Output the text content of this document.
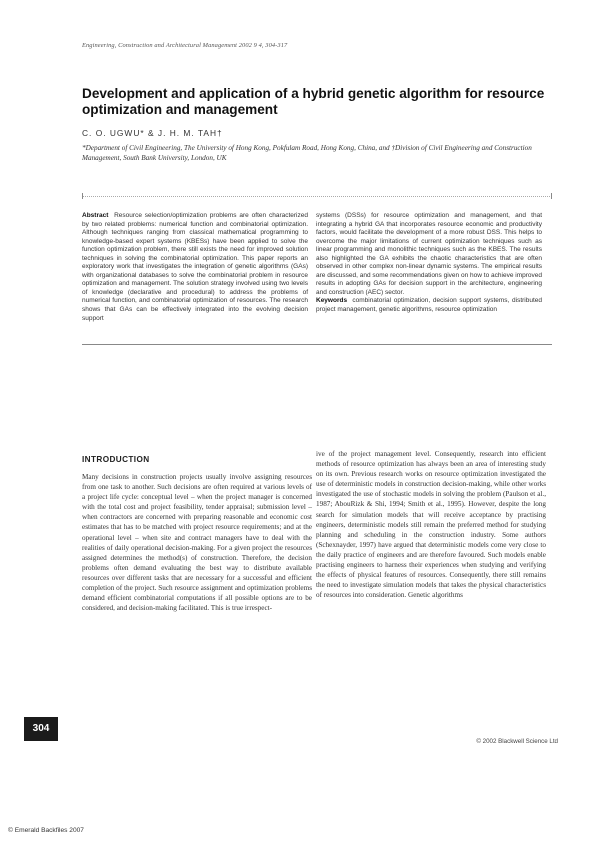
Engineering, Construction and Architectural Management 2002 9 4, 304-317
Development and application of a hybrid genetic algorithm for resource optimization and management
C. O. UGWU* & J. H. M. TAH†
*Department of Civil Engineering, The University of Hong Kong, Pokfulam Road, Hong Kong, China, and †Division of Civil Engineering and Construction Management, South Bank University, London, UK
Abstract Resource selection/optimization problems are often characterized by two related problems: numerical function and combinatorial optimization. Although techniques ranging from classical mathematical programming to knowledge-based expert systems (KBESs) have been applied to solve the function optimization problem, there still exists the need for improved solution techniques in solving the combinatorial optimization. This paper reports an exploratory work that investigates the integration of genetic algorithms (GAs) with organizational databases to solve the combinatorial problem in resource optimization and management. The solution strategy involved using two levels of knowledge (declarative and procedural) to address the problems of numerical function, and combinatorial optimization of resources. The research shows that GAs can be effectively integrated into the evolving decision support
systems (DSSs) for resource optimization and management, and that integrating a hybrid GA that incorporates resource economic and productivity factors, would facilitate the development of a more robust DSS. This helps to overcome the major limitations of current optimization techniques such as linear programming and monolithic techniques such as the KBES. The results also highlighted the GA exhibits the chaotic characteristics that are often observed in other complex non-linear dynamic systems. The empirical results are discussed, and some recommendations given on how to achieve improved results in adopting GAs for decision support in the architecture, engineering and construction (AEC) sector.
Keywords combinatorial optimization, decision support systems, distributed project management, genetic algorithms, resource optimization
INTRODUCTION
Many decisions in construction projects usually involve assigning resources from one task to another. Such decisions are often required at various levels of a project life cycle: conceptual level – when the project manager is concerned with the total cost and project feasibility, tender appraisal; submission level – when contractors are concerned with preparing reasonable and economic cost estimates that has to be matched with project resource requirements; and at the operational level – when site and contract managers have to deal with the realities of daily operational decision-making. For a given project the resources assigned determines the method(s) of construction. Therefore, the decision problems often demand evaluating the best way to distribute available resources over different tasks that are necessary for a successful and efficient completion of the project. Such resource assignment and optimization problems demand efficient combinatorial computations if all possible options are to be considered, and decision-making facilitated. This is true irrespect-
ive of the project management level. Consequently, research into efficient methods of resource optimization has always been an area of interesting study on its own. Previous research works on resource optimization investigated the use of deterministic models in construction decision-making, while other works investigated the use of stochastic models in solving the problem (Paulson et al., 1987; AbouRizk & Shi, 1994; Smith et al., 1995). However, despite the long search for simulation models that will receive acceptance by practising engineers, deterministic models still remain the preferred method for studying planning and scheduling in the construction industry. Some authors (Schexnayder, 1997) have argued that deterministic models come very close to the daily practice of engineers and are therefore favoured. Such models enable practising engineers to harness their experiences when studying and verifying the effects of physical features of resources. Consequently, there still remains the need to investigate simulation models that takes the physical characteristics of resources into consideration. Genetic algorithms
304
© 2002 Blackwell Science Ltd
© Emerald Backfiles 2007
